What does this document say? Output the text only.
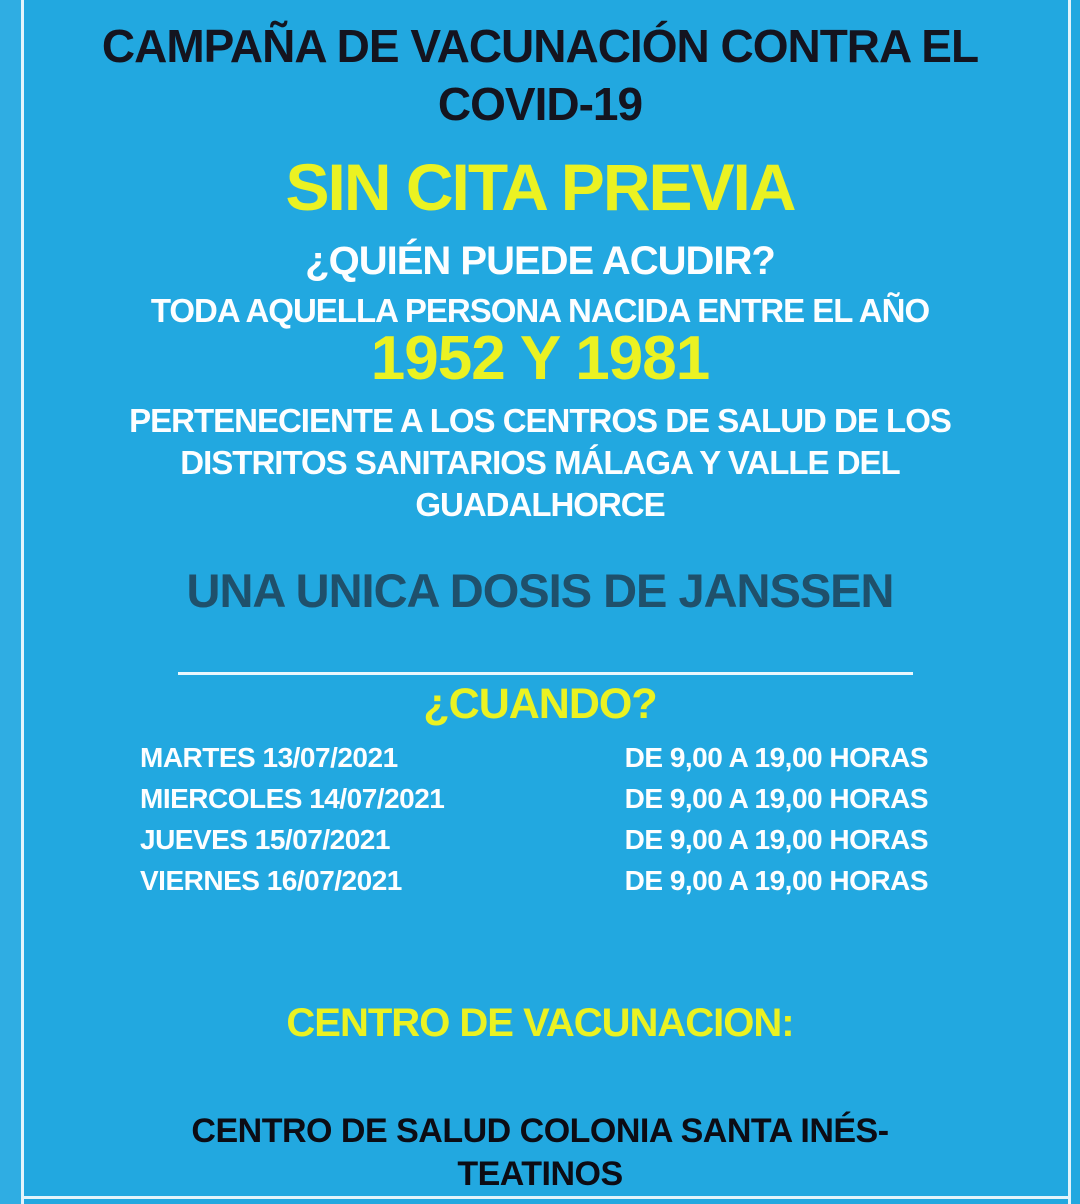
CAMPAÑA DE VACUNACIÓN CONTRA EL
COVID-19
SIN CITA PREVIA
¿QUIÉN PUEDE ACUDIR?
TODA AQUELLA PERSONA NACIDA ENTRE EL AÑO
1952 Y 1981
PERTENECIENTE A LOS CENTROS DE SALUD DE LOS
DISTRITOS SANITARIOS MÁLAGA Y VALLE DEL
GUADALHORCE
UNA UNICA DOSIS DE JANSSEN
¿CUANDO?
MARTES 13/07/2021	DE 9,00 A 19,00 HORAS
MIERCOLES 14/07/2021	DE 9,00 A 19,00 HORAS
JUEVES 15/07/2021	DE 9,00 A 19,00 HORAS
VIERNES 16/07/2021	DE 9,00 A 19,00 HORAS
CENTRO DE VACUNACION:
CENTRO DE SALUD COLONIA SANTA INÉS-
TEATINOS
